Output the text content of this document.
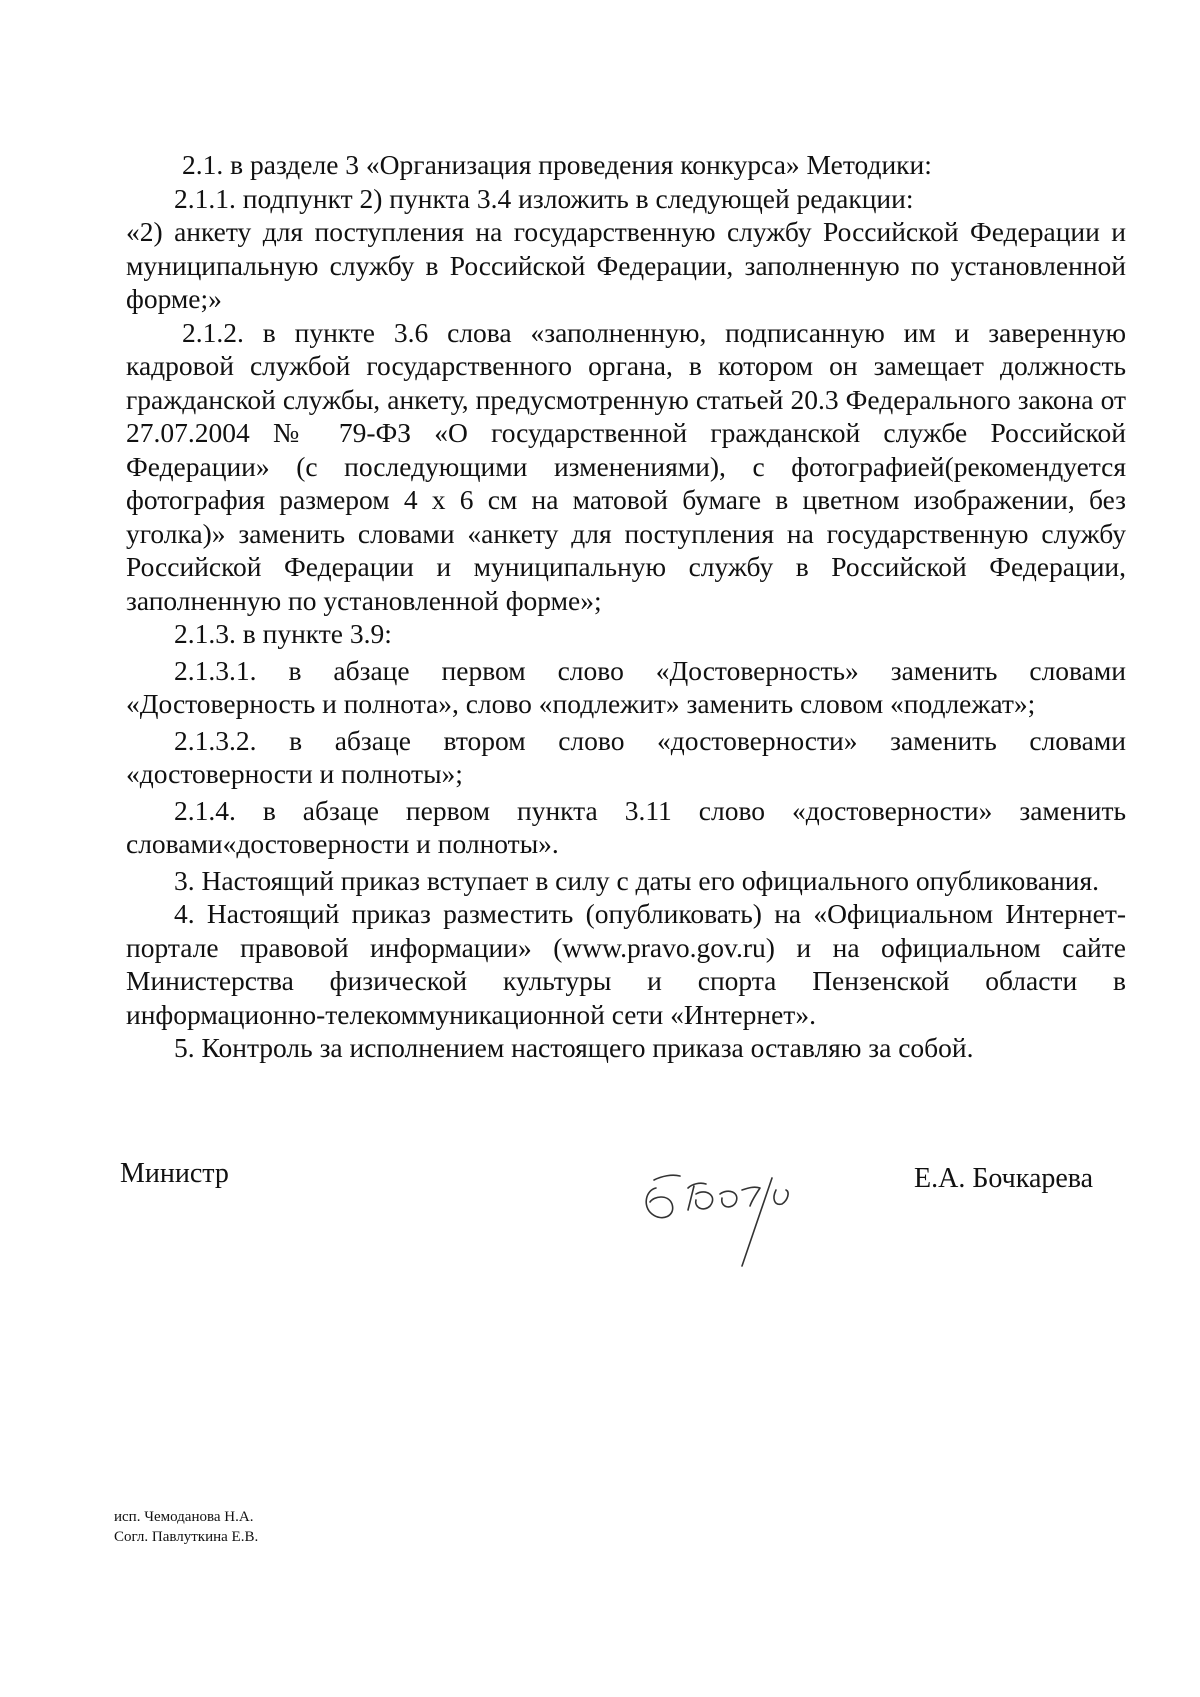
2.1. в разделе 3 «Организация проведения конкурса» Методики:

2.1.1. подпункт 2) пункта 3.4 изложить в следующей редакции:

«2) анкету для поступления на государственную службу Российской Федерации и муниципальную службу в Российской Федерации, заполненную по установленной форме;»

2.1.2. в пункте 3.6 слова «заполненную, подписанную им и заверенную кадровой службой государственного органа, в котором он замещает должность гражданской службы, анкету, предусмотренную статьей 20.3 Федерального закона от 27.07.2004 № 79-ФЗ «О государственной гражданской службе Российской Федерации» (с последующими изменениями), с фотографией(рекомендуется фотография размером 4 х 6 см на матовой бумаге в цветном изображении, без уголка)» заменить словами «анкету для поступления на государственную службу Российской Федерации и муниципальную службу в Российской Федерации, заполненную по установленной форме»;

2.1.3. в пункте 3.9:

2.1.3.1. в абзаце первом слово «Достоверность» заменить словами «Достоверность и полнота», слово «подлежит» заменить словом «подлежат»;

2.1.3.2. в абзаце втором слово «достоверности» заменить словами «достоверности и полноты»;

2.1.4. в абзаце первом пункта 3.11 слово «достоверности» заменить словами«достоверности и полноты».

3. Настоящий приказ вступает в силу с даты его официального опубликования.

4. Настоящий приказ разместить (опубликовать) на «Официальном Интернет-портале правовой информации» (www.pravo.gov.ru) и на официальном сайте Министерства физической культуры и спорта Пензенской области в информационно-телекоммуникационной сети «Интернет».

5. Контроль за исполнением настоящего приказа оставляю за собой.

Министр	Е.А. Бочкарева
исп. Чемоданова Н.А.
Согл. Павлуткина Е.В.
